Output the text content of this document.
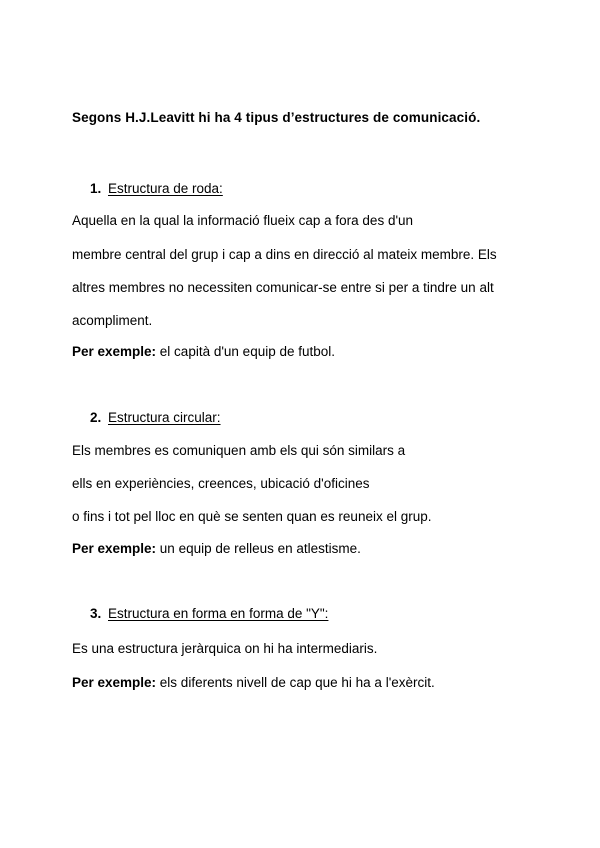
Segons H.J.Leavitt hi ha 4 tipus d’estructures de comunicació.
1. Estructura de roda:
Aquella en la qual la informació flueix cap a fora des d'un
membre central del grup i cap a dins en direcció al mateix membre. Els
altres membres no necessiten comunicar-se entre si per a tindre un alt
acompliment.
Per exemple: el capità d'un equip de futbol.
2. Estructura circular:
Els membres es comuniquen amb els qui són similars a
ells en experiències, creences, ubicació d'oficines
o fins i tot pel lloc en què se senten quan es reuneix el grup.
Per exemple: un equip de relleus en atlestisme.
3. Estructura en forma en forma de "Y":
Es una estructura jeràrquica on hi ha intermediaris.
Per exemple: els diferents nivell de cap que hi ha a l'exèrcit.
